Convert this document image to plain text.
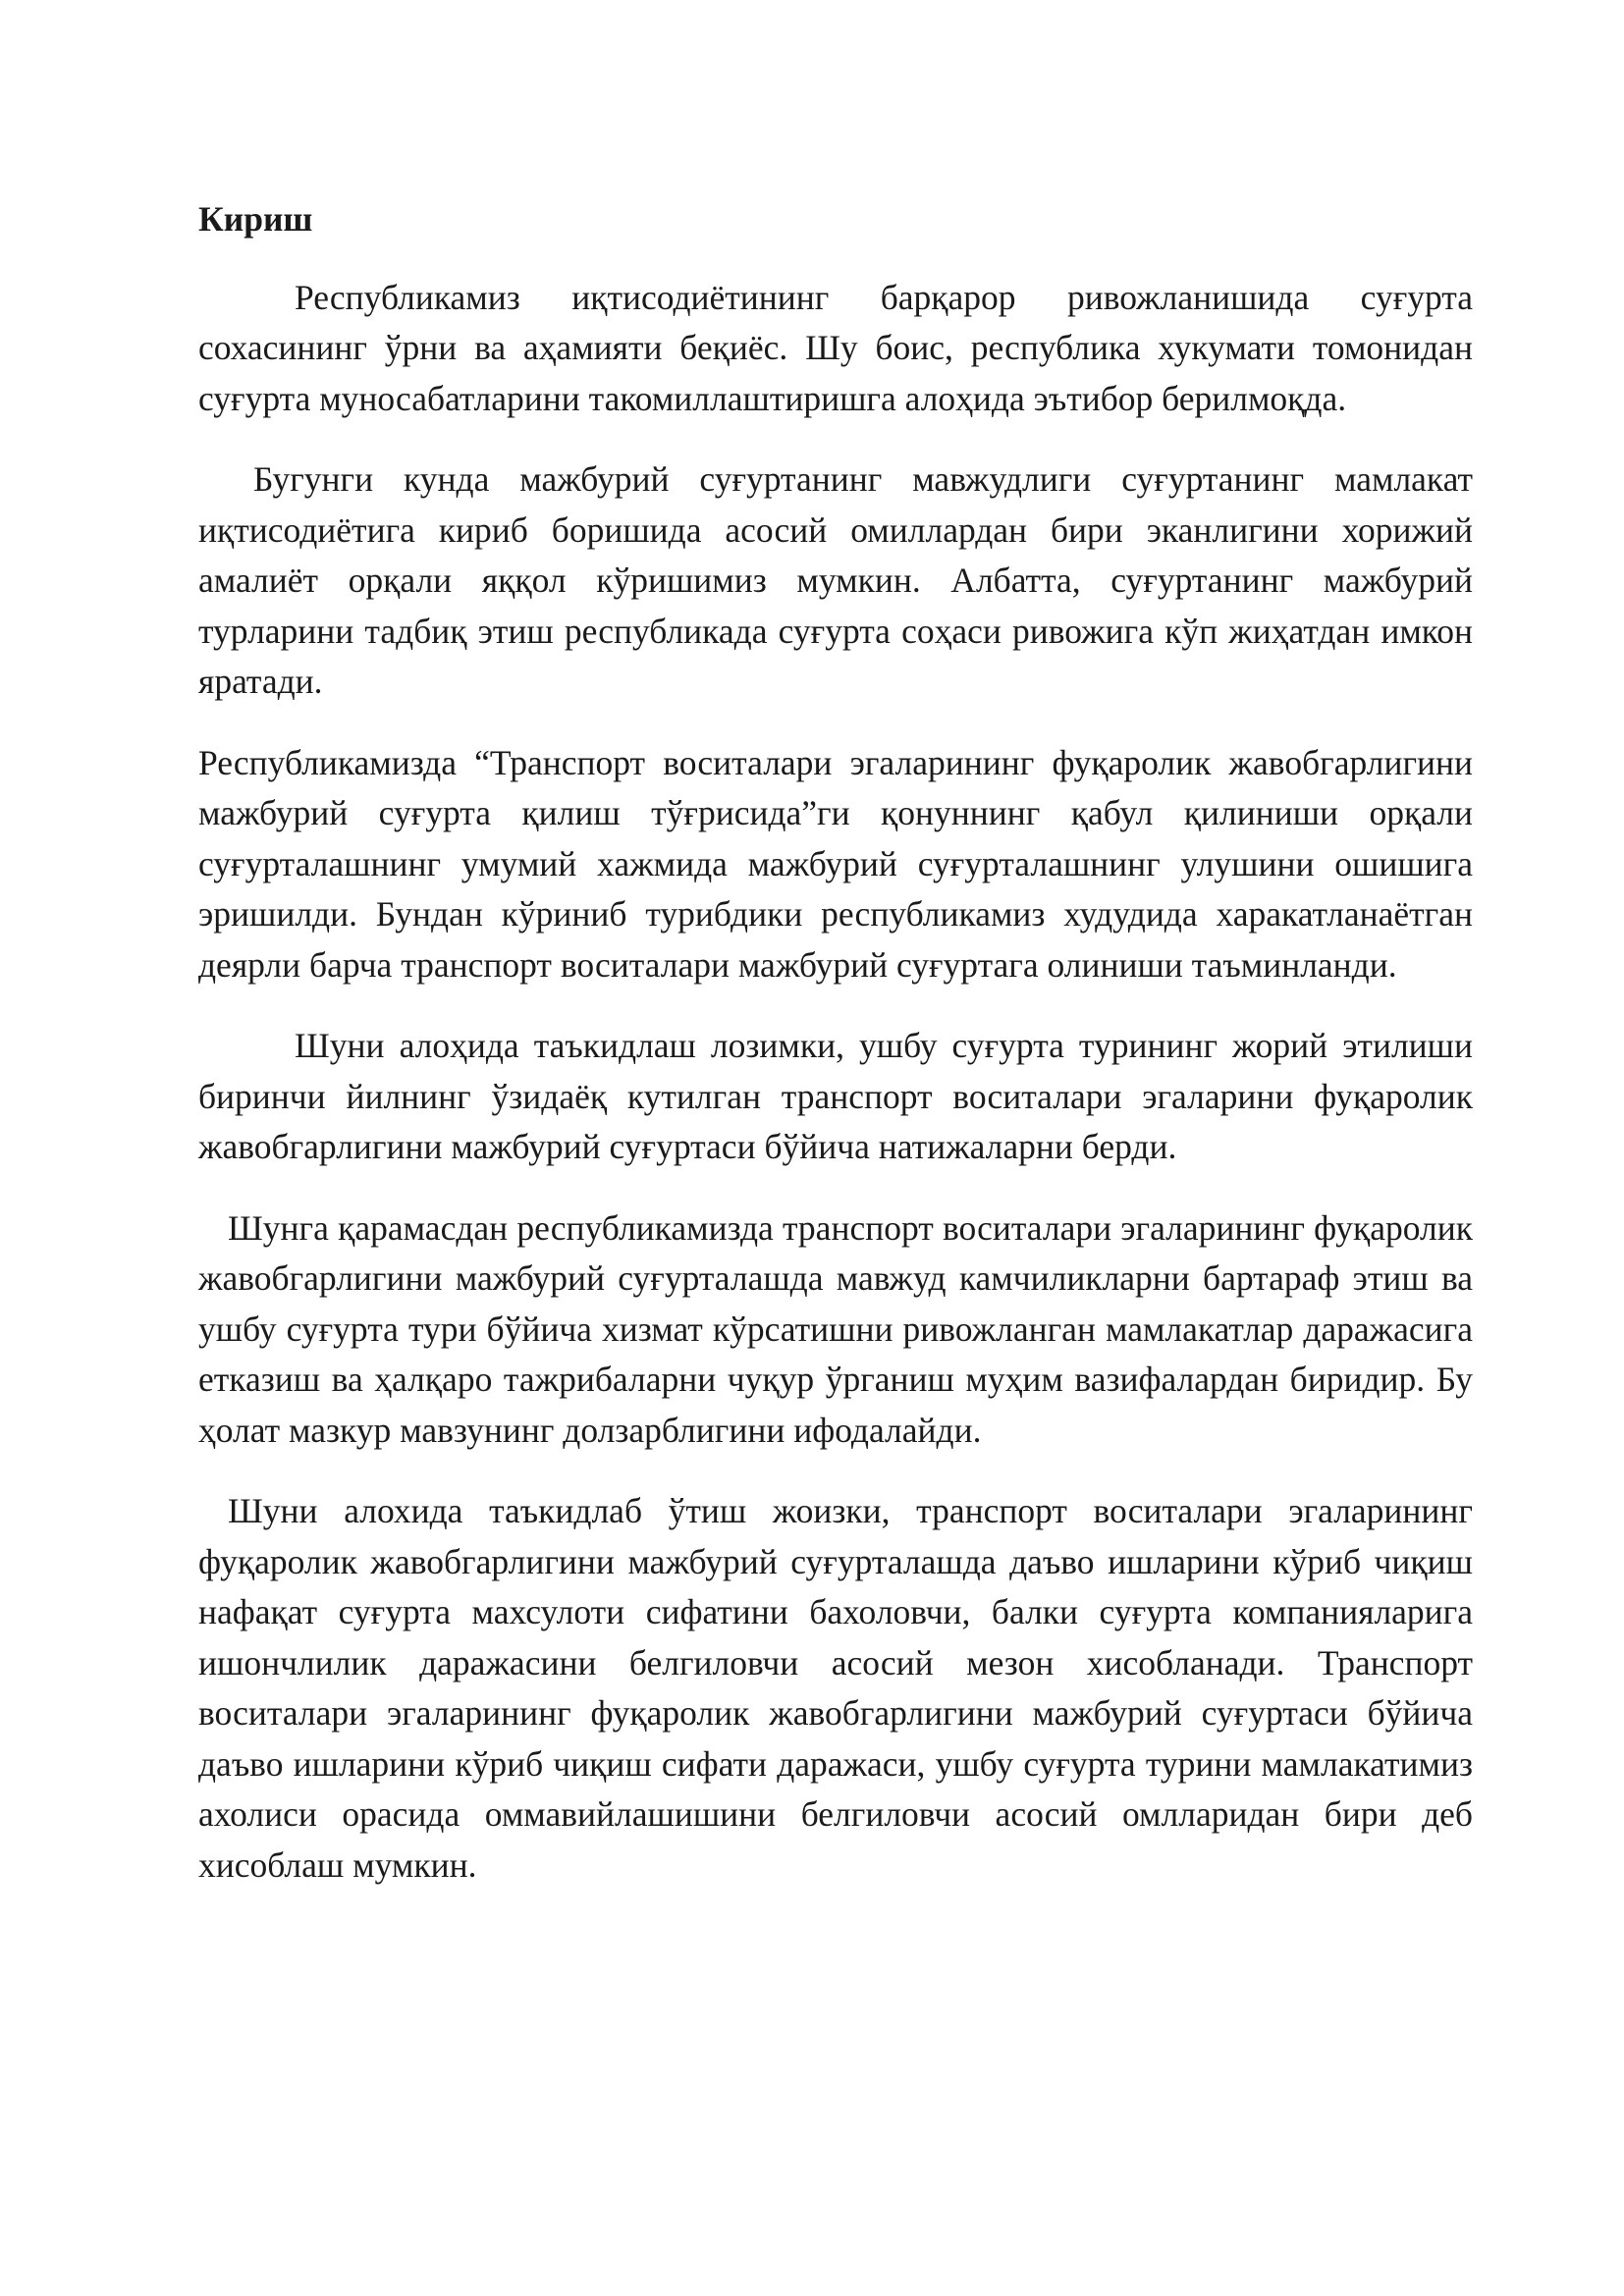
Кириш

Республикамиз иқтисодиётининг барқарор ривожланишида суғурта сохасининг ўрни ва аҳамияти беқиёс. Шу боис, республика хукумати томонидан суғурта муносабатларини такомиллаштиришга алоҳида эътибор берилмоқда.

Бугунги кунда мажбурий суғуртанинг мавжудлиги суғуртанинг мамлакат иқтисодиётига кириб боришида асосий омиллардан бири эканлигини хорижий амалиёт орқали яққол кўришимиз мумкин. Албатта, суғуртанинг мажбурий турларини тадбиқ этиш республикада суғурта соҳаси ривожига кўп жиҳатдан имкон яратади.

Республикамизда “Транспорт воситалари эгаларининг фуқаролик жавобгарлигини мажбурий суғурта қилиш тўғрисида”ги қонуннинг қабул қилиниши орқали суғурталашнинг умумий хажмида мажбурий суғурталашнинг улушини ошишига эришилди. Бундан кўриниб турибдики республикамиз худудида харакатланаётган деярли барча транспорт воситалари мажбурий суғуртага олиниши таъминланди.

Шуни алоҳида таъкидлаш лозимки, ушбу суғурта турининг жорий этилиши биринчи йилнинг ўзидаёқ кутилган транспорт воситалари эгаларини фуқаролик жавобгарлигини мажбурий суғуртаси бўйича натижаларни берди.

Шунга қарамасдан республикамизда транспорт воситалари эгаларининг фуқаролик жавобгарлигини мажбурий суғурталашда мавжуд камчиликларни бартараф этиш ва ушбу суғурта тури бўйича хизмат кўрсатишни ривожланган мамлакатлар даражасига етказиш ва ҳалқаро тажрибаларни чуқур ўрганиш муҳим вазифалардан биридир. Бу ҳолат мазкур мавзунинг долзарблигини ифодалайди.

Шуни алохида таъкидлаб ўтиш жоизки, транспорт воситалари эгаларининг фуқаролик жавобгарлигини мажбурий суғурталашда даъво ишларини кўриб чиқиш нафақат суғурта махсулоти сифатини бахоловчи, балки суғурта компанияларига ишончлилик даражасини белгиловчи асосий мезон хисобланади. Транспорт воситалари эгаларининг фуқаролик жавобгарлигини мажбурий суғуртаси бўйича даъво ишларини кўриб чиқиш сифати даражаси, ушбу суғурта турини мамлакатимиз ахолиси орасида оммавийлашишини белгиловчи асосий омлларидан бири деб хисоблаш мумкин.
